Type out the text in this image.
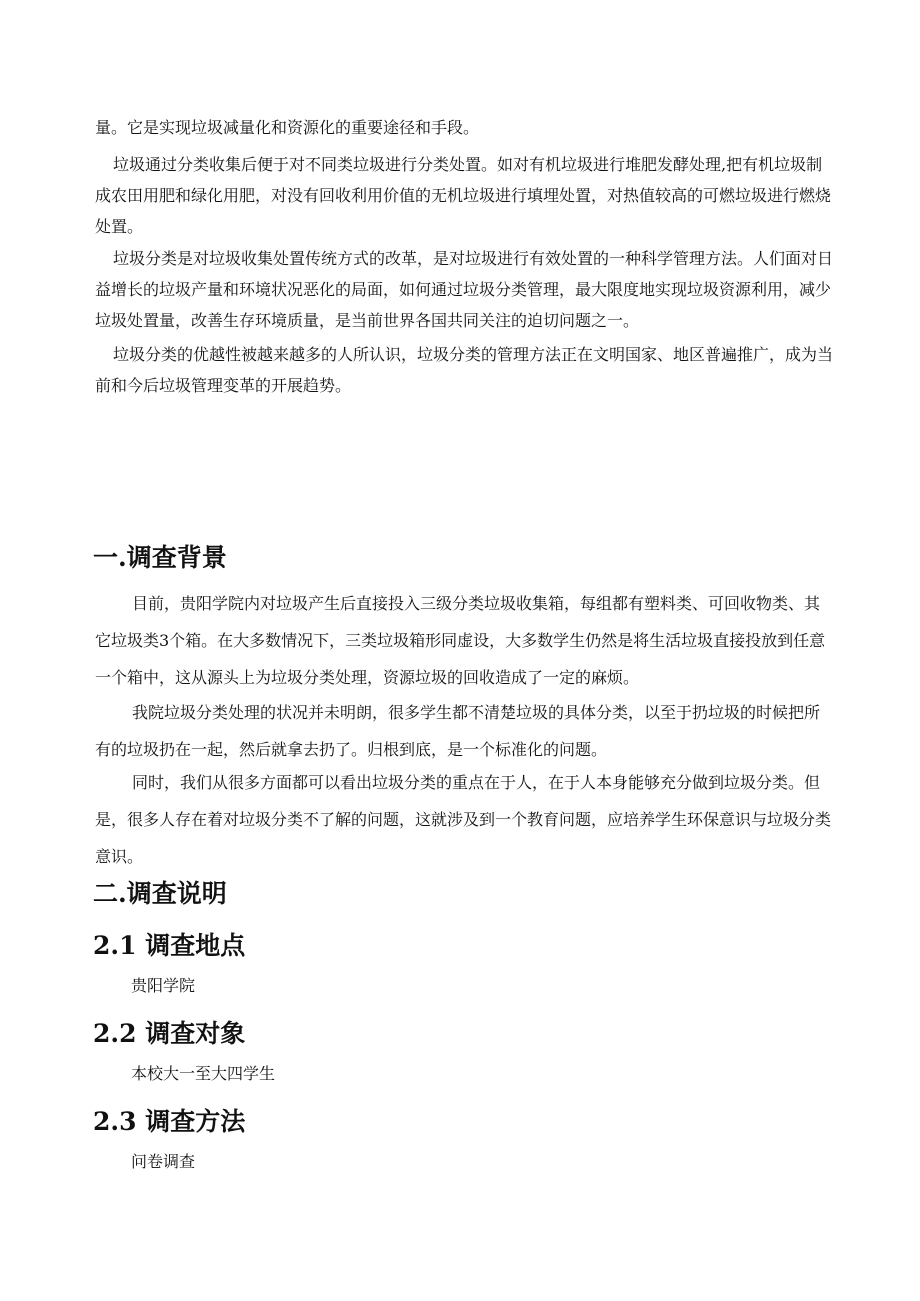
量。它是实现垃圾减量化和资源化的重要途径和手段。

垃圾通过分类收集后便于对不同类垃圾进行分类处置。如对有机垃圾进行堆肥发酵处理,把有机垃圾制成农田用肥和绿化用肥，对没有回收利用价值的无机垃圾进行填埋处置，对热值较高的可燃垃圾进行燃烧处置。

垃圾分类是对垃圾收集处置传统方式的改革，是对垃圾进行有效处置的一种科学管理方法。人们面对日益增长的垃圾产量和环境状况恶化的局面，如何通过垃圾分类管理，最大限度地实现垃圾资源利用，减少垃圾处置量，改善生存环境质量，是当前世界各国共同关注的迫切问题之一。

垃圾分类的优越性被越来越多的人所认识，垃圾分类的管理方法正在文明国家、地区普遍推广，成为当前和今后垃圾管理变革的开展趋势。

一.调查背景

目前，贵阳学院内对垃圾产生后直接投入三级分类垃圾收集箱，每组都有塑料类、可回收物类、其它垃圾类3个箱。在大多数情况下，三类垃圾箱形同虚设，大多数学生仍然是将生活垃圾直接投放到任意一个箱中，这从源头上为垃圾分类处理，资源垃圾的回收造成了一定的麻烦。

我院垃圾分类处理的状况并未明朗，很多学生都不清楚垃圾的具体分类，以至于扔垃圾的时候把所有的垃圾扔在一起，然后就拿去扔了。归根到底，是一个标准化的问题。

同时，我们从很多方面都可以看出垃圾分类的重点在于人，在于人本身能够充分做到垃圾分类。但是，很多人存在着对垃圾分类不了解的问题，这就涉及到一个教育问题，应培养学生环保意识与垃圾分类意识。

二.调查说明
2.1 调查地点

贵阳学院

2.2 调查对象

本校大一至大四学生

2.3 调查方法

问卷调查
